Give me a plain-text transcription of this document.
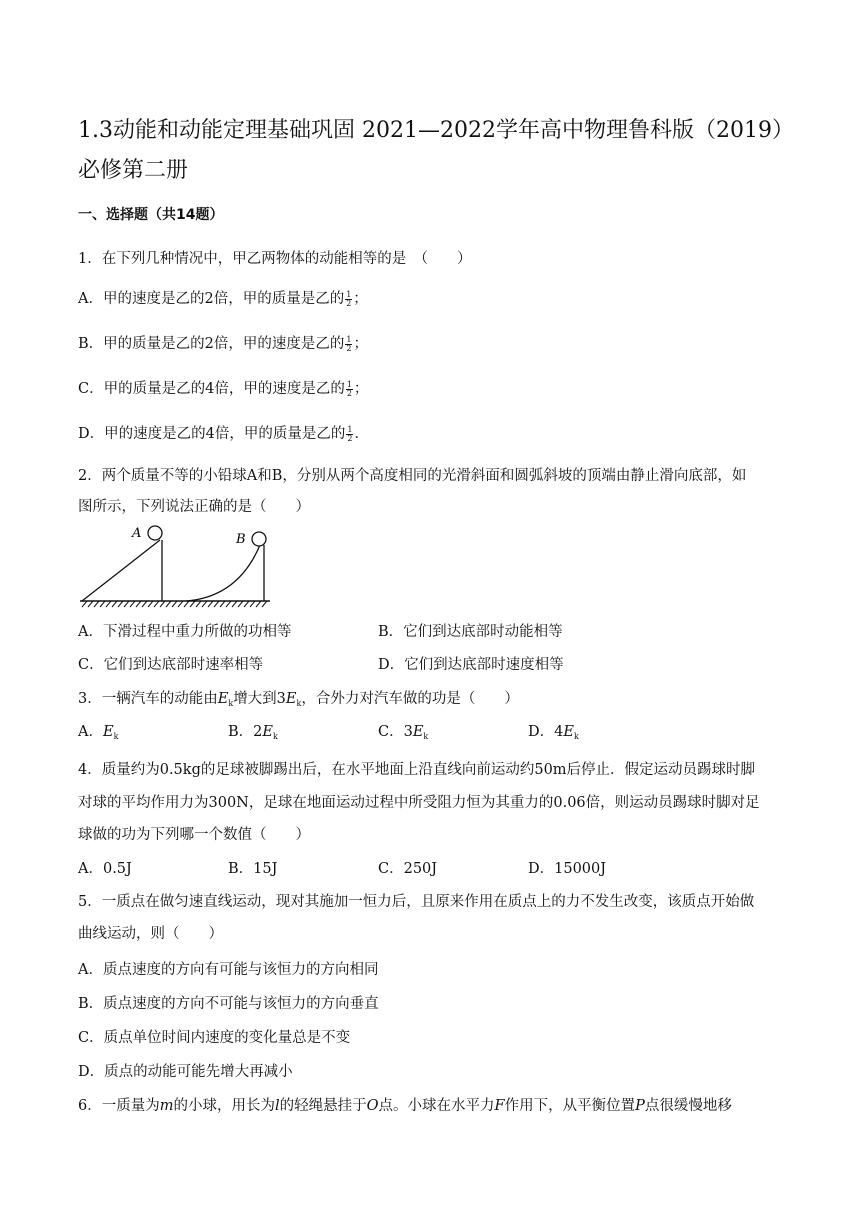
1.3动能和动能定理基础巩固 2021—2022学年高中物理鲁科版（2019）
必修第二册
一、选择题（共14题）
1．在下列几种情况中，甲乙两物体的动能相等的是　（　　）
A．甲的速度是乙的2倍，甲的质量是乙的 $\frac{1}{2}$ ；
B．甲的质量是乙的2倍，甲的速度是乙的 $\frac{1}{2}$ ；
C．甲的质量是乙的4倍，甲的速度是乙的 $\frac{1}{2}$ ；
D．甲的速度是乙的4倍，甲的质量是乙的 $\frac{1}{2}$ ．
2．两个质量不等的小铅球A和B，分别从两个高度相同的光滑斜面和圆弧斜坡的顶端由静止滑向底部，如
图所示，下列说法正确的是（　　）
A	B
A．下滑过程中重力所做的功相等	B．它们到达底部时动能相等
C．它们到达底部时速率相等	D．它们到达底部时速度相等
3．一辆汽车的动能由$E_k$增大到$3E_k$，合外力对汽车做的功是（　　）
A．$E_k$	B．$2E_k$	C．$3E_k$	D．$4E_k$
4．质量约为0.5kg的足球被脚踢出后，在水平地面上沿直线向前运动约50m后停止．假定运动员踢球时脚
对球的平均作用力为300N，足球在地面运动过程中所受阻力恒为其重力的0.06倍，则运动员踢球时脚对足
球做的功为下列哪一个数值（　　）
A．0.5J	B．15J	C．250J	D．15000J
5．一质点在做匀速直线运动，现对其施加一恒力后，且原来作用在质点上的力不发生改变，该质点开始做
曲线运动，则（　　）
A．质点速度的方向有可能与该恒力的方向相同
B．质点速度的方向不可能与该恒力的方向垂直
C．质点单位时间内速度的变化量总是不变
D．质点的动能可能先增大再减小
6．一质量为m的小球，用长为l的轻绳悬挂于O点。小球在水平力F作用下，从平衡位置P点很缓慢地移
